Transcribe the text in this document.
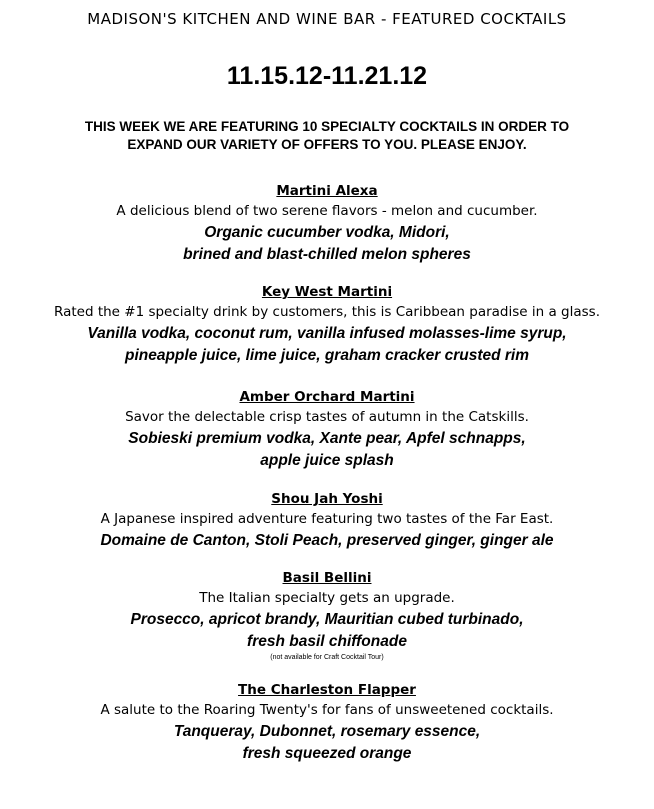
MADISON'S KITCHEN AND WINE BAR - FEATURED COCKTAILS
11.15.12-11.21.12
THIS WEEK WE ARE FEATURING 10 SPECIALTY COCKTAILS IN ORDER TO
EXPAND OUR VARIETY OF OFFERS TO YOU. PLEASE ENJOY.
Martini Alexa
A delicious blend of two serene flavors - melon and cucumber.
Organic cucumber vodka, Midori,
brined and blast-chilled melon spheres
Key West Martini
Rated the #1 specialty drink by customers, this is Caribbean paradise in a glass.
Vanilla vodka, coconut rum, vanilla infused molasses-lime syrup,
pineapple juice, lime juice, graham cracker crusted rim
Amber Orchard Martini
Savor the delectable crisp tastes of autumn in the Catskills.
Sobieski premium vodka, Xante pear, Apfel schnapps,
apple juice splash
Shou Jah Yoshi
A Japanese inspired adventure featuring two tastes of the Far East.
Domaine de Canton, Stoli Peach, preserved ginger, ginger ale
Basil Bellini
The Italian specialty gets an upgrade.
Prosecco, apricot brandy, Mauritian cubed turbinado,
fresh basil chiffonade
(not available for Craft Cocktail Tour)
The Charleston Flapper
A salute to the Roaring Twenty's for fans of unsweetened cocktails.
Tanqueray, Dubonnet, rosemary essence,
fresh squeezed orange
